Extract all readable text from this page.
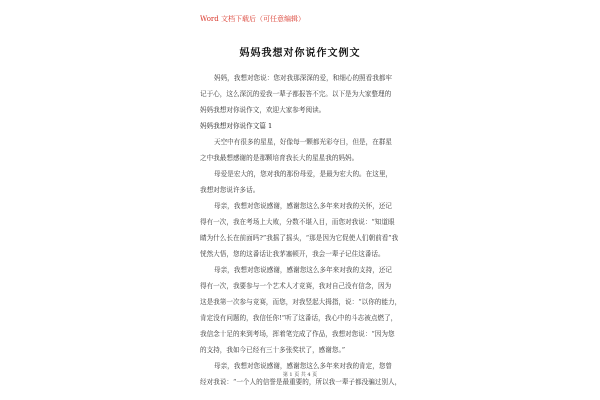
Word 文档下载后（可任意编辑）
妈妈我想对你说作文例文
妈妈，我想对您说：您对我那深深的爱，和细心的照看我都牢
记于心，这么深沉的爱我一辈子都报答不完。以下是为大家整理的
妈妈我想对你说作文，欢迎大家参考阅读。
妈妈我想对你说作文篇 1
天空中有很多的星星，好像每一颗都光彩夺目，但是，在群星
之中我最想感谢的是那颗培育我长大的星星我的妈妈。
母爱是宏大的，您对我的那份母爱，是最为宏大的。在这里，
我想对您说许多话。
母亲，我想对您说感谢，感谢您这么多年来对我的关怀，还记
得有一次，我在考场上大败，分数不堪入目，而您对我说：“知道眼
睛为什么长在前面吗?”我摇了摇头，“那是因为它促使人们朝前看”我
恍然大悟，您的这番话让我茅塞顿开，我会一辈子记住这番话。
母亲，我想对您说感谢，感谢您这么多年来对我的支持，还记
得有一次，我要参与一个艺术人才竞赛，我对自己没有信念，因为
这是我第一次参与竞赛，而您，对我竖起大拇指，说：“以你的能力，
肯定没有问题的，我信任你!”听了这番话，我心中的斗志被点燃了，
我信念十足的来到考场，挥着笔完成了作品，我想对您说：“因为您
的支持，我如今已经有三十多张奖状了，感谢您。”
母亲，我想对您说感谢，感谢您这么多年来对我的肯定，您曾
经对我说：“一个人的信誉是最重要的，所以我一辈子都没骗过别人，
第 1 页 共 4 页
